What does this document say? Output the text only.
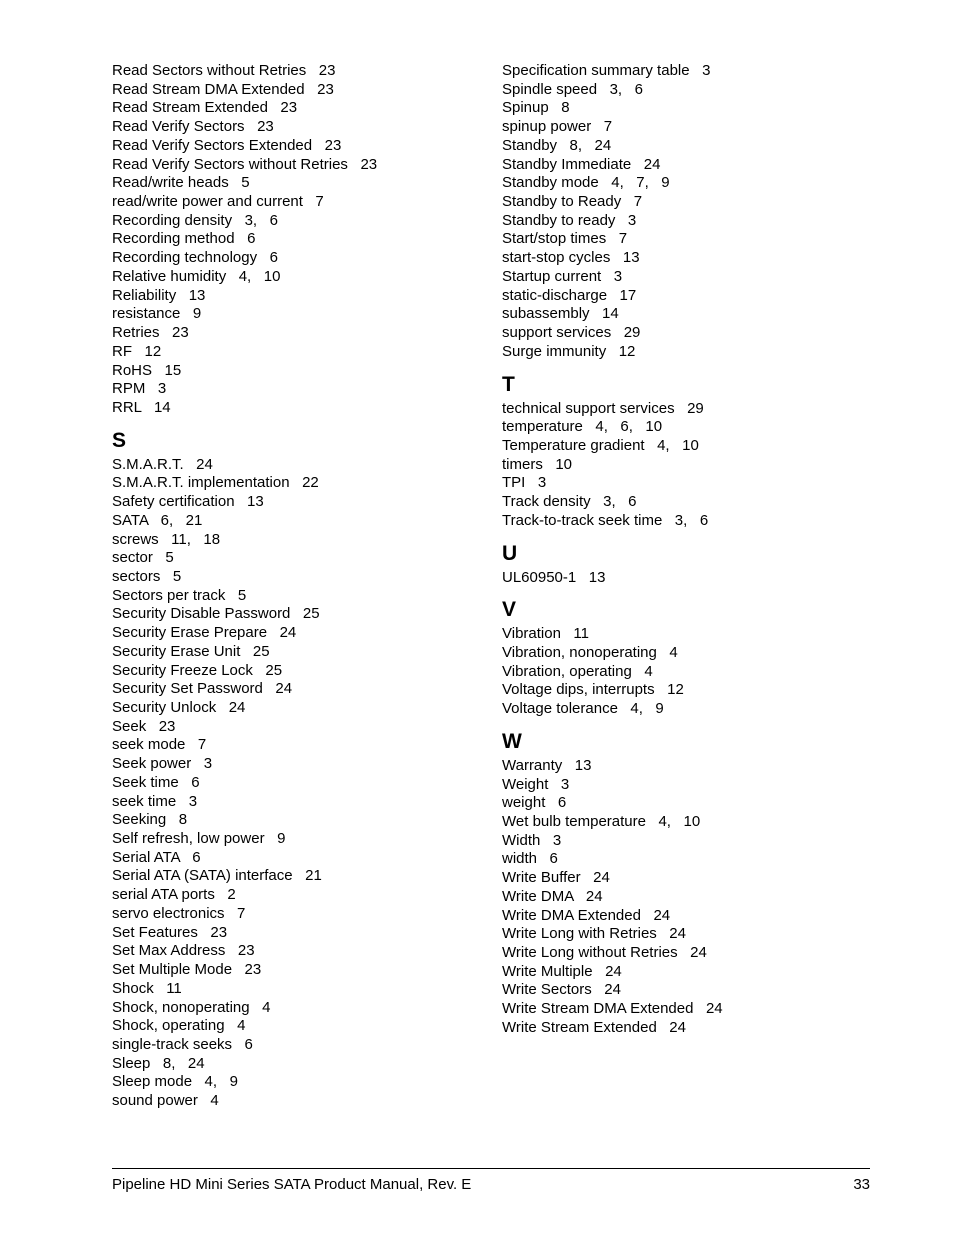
Read Sectors without Retries   23
Read Stream DMA Extended   23
Read Stream Extended   23
Read Verify Sectors   23
Read Verify Sectors Extended   23
Read Verify Sectors without Retries   23
Read/write heads   5
read/write power and current   7
Recording density   3,   6
Recording method   6
Recording technology   6
Relative humidity   4,   10
Reliability   13
resistance   9
Retries   23
RF   12
RoHS   15
RPM   3
RRL   14
S
S.M.A.R.T.   24
S.M.A.R.T. implementation   22
Safety certification   13
SATA   6,   21
screws   11,   18
sector   5
sectors   5
Sectors per track   5
Security Disable Password   25
Security Erase Prepare   24
Security Erase Unit   25
Security Freeze Lock   25
Security Set Password   24
Security Unlock   24
Seek   23
seek mode   7
Seek power   3
Seek time   6
seek time   3
Seeking   8
Self refresh, low power   9
Serial ATA   6
Serial ATA (SATA) interface   21
serial ATA ports   2
servo electronics   7
Set Features   23
Set Max Address   23
Set Multiple Mode   23
Shock   11
Shock, nonoperating   4
Shock, operating   4
single-track seeks   6
Sleep   8,   24
Sleep mode   4,   9
sound power   4
Specification summary table   3
Spindle speed   3,   6
Spinup   8
spinup power   7
Standby   8,   24
Standby Immediate   24
Standby mode   4,   7,   9
Standby to Ready   7
Standby to ready   3
Start/stop times   7
start-stop cycles   13
Startup current   3
static-discharge   17
subassembly   14
support services   29
Surge immunity   12
T
technical support services   29
temperature   4,   6,   10
Temperature gradient   4,   10
timers   10
TPI   3
Track density   3,   6
Track-to-track seek time   3,   6
U
UL60950-1   13
V
Vibration   11
Vibration, nonoperating   4
Vibration, operating   4
Voltage dips, interrupts   12
Voltage tolerance   4,   9
W
Warranty   13
Weight   3
weight   6
Wet bulb temperature   4,   10
Width   3
width   6
Write Buffer   24
Write DMA   24
Write DMA Extended   24
Write Long with Retries   24
Write Long without Retries   24
Write Multiple   24
Write Sectors   24
Write Stream DMA Extended   24
Write Stream Extended   24
Pipeline HD Mini Series SATA Product Manual, Rev. E	33
